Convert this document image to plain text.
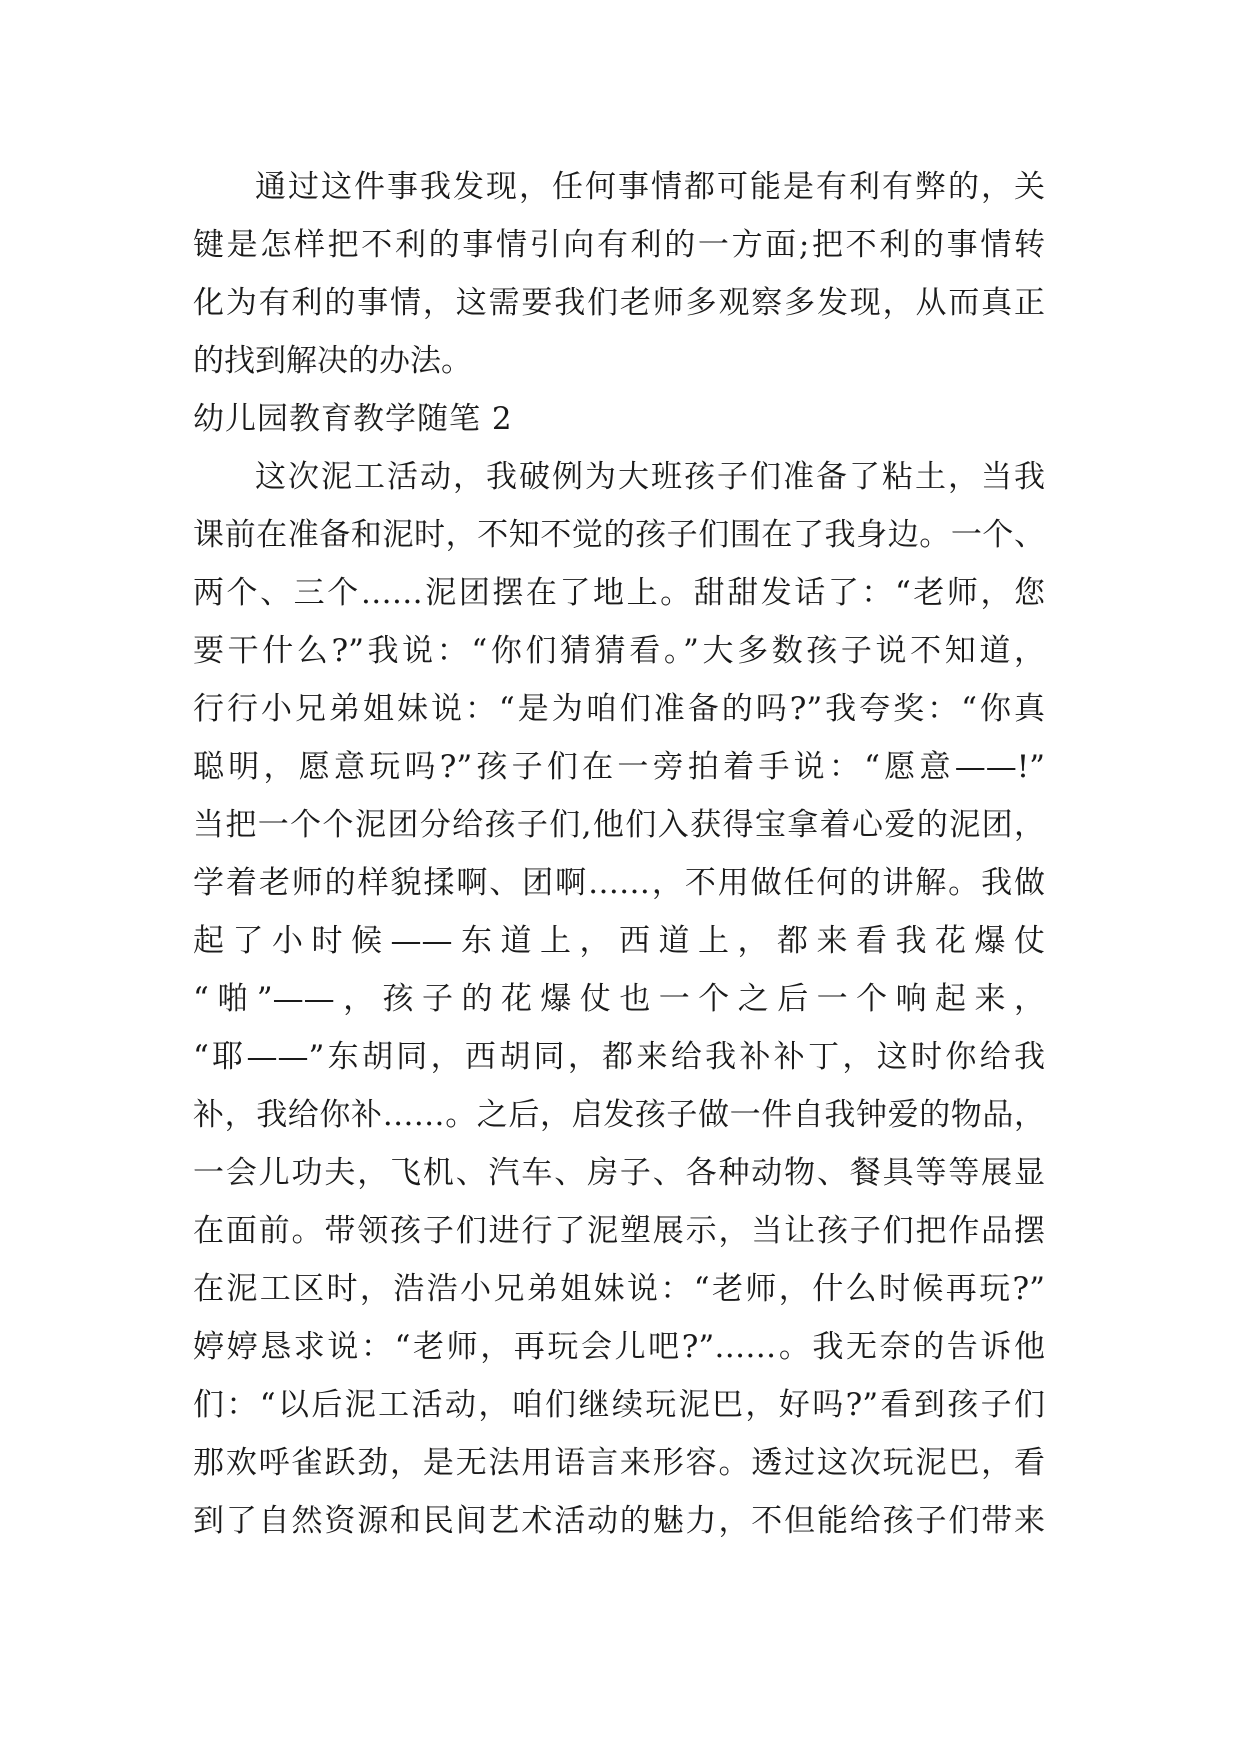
通过这件事我发现，任何事情都可能是有利有弊的，关
键是怎样把不利的事情引向有利的一方面;把不利的事情转
化为有利的事情，这需要我们老师多观察多发现，从而真正
的找到解决的办法。
幼儿园教育教学随笔 2
这次泥工活动，我破例为大班孩子们准备了粘土，当我
课前在准备和泥时，不知不觉的孩子们围在了我身边。一个、
两个、三个……泥团摆在了地上。甜甜发话了：“老师，您
要干什么?”我说：“你们猜猜看。”大多数孩子说不知道，
行行小兄弟姐妹说：“是为咱们准备的吗?”我夸奖：“你真
聪明，愿意玩吗?”孩子们在一旁拍着手说：“愿意——!”
当把一个个泥团分给孩子们,他们入获得宝拿着心爱的泥团，
学着老师的样貌揉啊、团啊……，不用做任何的讲解。我做
起了小时候——东道上，西道上，都来看我花爆仗
“啪”——，孩子的花爆仗也一个之后一个响起来，
“耶——”东胡同，西胡同，都来给我补补丁，这时你给我
补，我给你补……。之后，启发孩子做一件自我钟爱的物品，
一会儿功夫，飞机、汽车、房子、各种动物、餐具等等展显
在面前。带领孩子们进行了泥塑展示，当让孩子们把作品摆
在泥工区时，浩浩小兄弟姐妹说：“老师，什么时候再玩?”
婷婷恳求说：“老师，再玩会儿吧?”……。我无奈的告诉他
们：“以后泥工活动，咱们继续玩泥巴，好吗?”看到孩子们
那欢呼雀跃劲，是无法用语言来形容。透过这次玩泥巴，看
到了自然资源和民间艺术活动的魅力，不但能给孩子们带来
